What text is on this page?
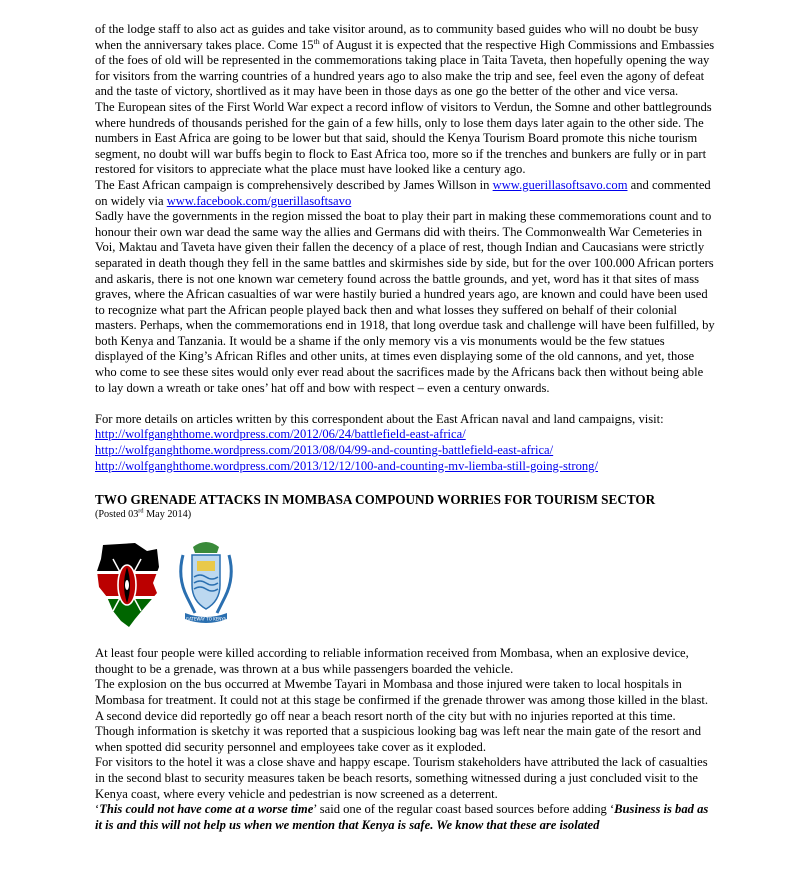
of the lodge staff to also act as guides and take visitor around, as to community based guides who will no doubt be busy when the anniversary takes place. Come 15th of August it is expected that the respective High Commissions and Embassies of the foes of old will be represented in the commemorations taking place in Taita Taveta, then hopefully opening the way for visitors from the warring countries of a hundred years ago to also make the trip and see, feel even the agony of defeat and the taste of victory, shortlived as it may have been in those days as one go the better of the other and vice versa.

The European sites of the First World War expect a record inflow of visitors to Verdun, the Somne and other battlegrounds where hundreds of thousands perished for the gain of a few hills, only to lose them days later again to the other side. The numbers in East Africa are going to be lower but that said, should the Kenya Tourism Board promote this niche tourism segment, no doubt will war buffs begin to flock to East Africa too, more so if the trenches and bunkers are fully or in part restored for visitors to appreciate what the place must have looked like a century ago.

The East African campaign is comprehensively described by James Willson in www.guerillasoftsavo.com and commented on widely via www.facebook.com/guerillasoftsavo

Sadly have the governments in the region missed the boat to play their part in making these commemorations count and to honour their own war dead the same way the allies and Germans did with theirs. The Commonwealth War Cemeteries in Voi, Maktau and Taveta have given their fallen the decency of a place of rest, though Indian and Caucasians were strictly separated in death though they fell in the same battles and skirmishes side by side, but for the over 100.000 African porters and askaris, there is not one known war cemetery found across the battle grounds, and yet, word has it that sites of mass graves, where the African casualties of war were hastily buried a hundred years ago, are known and could have been used to recognize what part the African people played back then and what losses they suffered on behalf of their colonial masters. Perhaps, when the commemorations end in 1918, that long overdue task and challenge will have been fulfilled, by both Kenya and Tanzania. It would be a shame if the only memory vis a vis monuments would be the few statues displayed of the King’s African Rifles and other units, at times even displaying some of the old cannons, and yet, those who come to see these sites would only ever read about the sacrifices made by the Africans back then without being able to lay down a wreath or take ones’ hat off and bow with respect – even a century onwards.

For more details on articles written by this correspondent about the East African naval and land campaigns, visit:

http://wolfganghthome.wordpress.com/2012/06/24/battlefield-east-africa/

http://wolfganghthome.wordpress.com/2013/08/04/99-and-counting-battlefield-east-africa/

http://wolfganghthome.wordpress.com/2013/12/12/100-and-counting-mv-liemba-still-going-strong/

TWO GRENADE ATTACKS IN MOMBASA COMPOUND WORRIES FOR TOURISM SECTOR

(Posted 03rd May 2014)

GATEWAY TO KENYA

At least four people were killed according to reliable information received from Mombasa, when an explosive device, thought to be a grenade, was thrown at a bus while passengers boarded the vehicle.

The explosion on the bus occurred at Mwembe Tayari in Mombasa and those injured were taken to local hospitals in Mombasa for treatment. It could not at this stage be confirmed if the grenade thrower was among those killed in the blast.

A second device did reportedly go off near a beach resort north of the city but with no injuries reported at this time. Though information is sketchy it was reported that a suspicious looking bag was left near the main gate of the resort and when spotted did security personnel and employees take cover as it exploded.

For visitors to the hotel it was a close shave and happy escape. Tourism stakeholders have attributed the lack of casualties in the second blast to security measures taken be beach resorts, something witnessed during a just concluded visit to the Kenya coast, where every vehicle and pedestrian is now screened as a deterrent.

‘This could not have come at a worse time’ said one of the regular coast based sources before adding ‘Business is bad as it is and this will not help us when we mention that Kenya is safe. We know that these are isolated
